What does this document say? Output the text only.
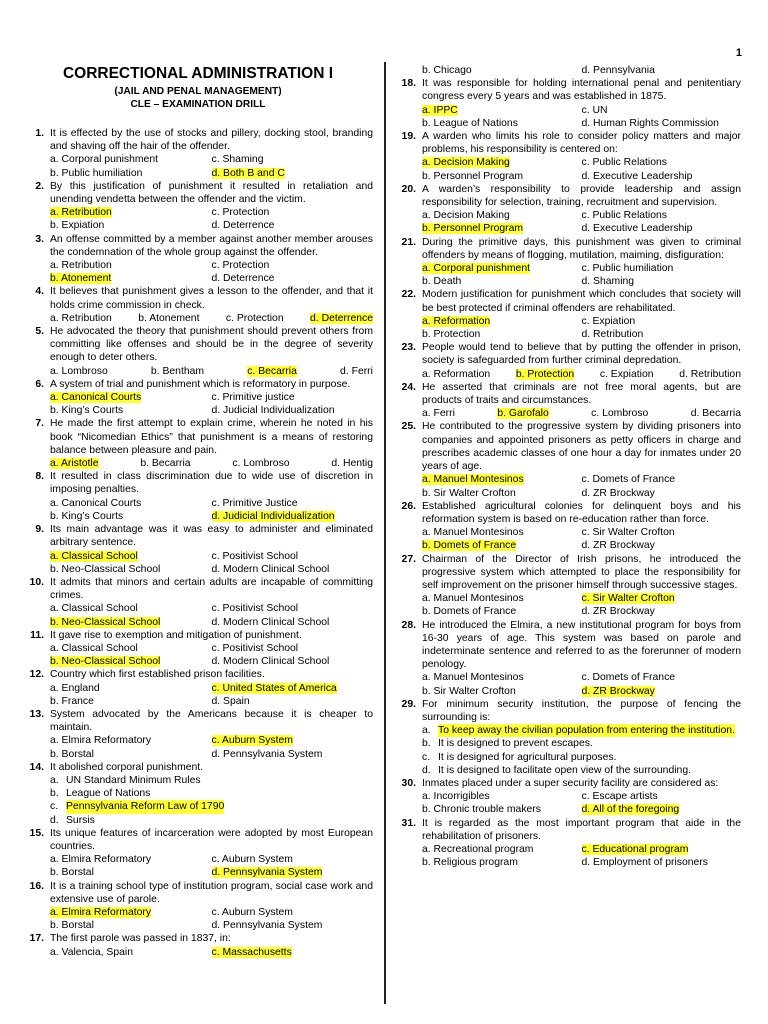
1
CORRECTIONAL ADMINISTRATION I
(JAIL AND PENAL MANAGEMENT)
CLE – EXAMINATION DRILL
1. It is effected by the use of stocks and pillery, docking stool, branding and shaving off the hair of the offender.
a. Corporal punishment	c. Shaming
b. Public humiliation	d. Both B and C
2. By this justification of punishment it resulted in retaliation and unending vendetta between the offender and the victim.
a. Retribution	c. Protection
b. Expiation	d. Deterrence
3. An offense committed by a member against another member arouses the condemnation of the whole group against the offender.
a. Retribution	c. Protection
b. Atonement	d. Deterrence
4. It believes that punishment gives a lesson to the offender, and that it holds crime commission in check.
a. Retribution	b. Atonement	c. Protection	d. Deterrence
5. He advocated the theory that punishment should prevent others from committing like offenses and should be in the degree of severity enough to deter others.
a. Lombroso	b. Bentham	c. Becarria	d. Ferri
6. A system of trial and punishment which is reformatory in purpose.
a. Canonical Courts	c. Primitive justice
b. King’s Courts	d. Judicial Individualization
7. He made the first attempt to explain crime, wherein he noted in his book “Nicomedian Ethics” that punishment is a means of restoring balance between pleasure and pain.
a. Aristotle	b. Becarria	c. Lombroso	d. Hentig
8. It resulted in class discrimination due to wide use of discretion in imposing penalties.
a. Canonical Courts	c. Primitive Justice
b. King’s Courts	d. Judicial Individualization
9. Its main advantage was it was easy to administer and eliminated arbitrary sentence.
a. Classical School	c. Positivist School
b. Neo-Classical School	d. Modern Clinical School
10. It admits that minors and certain adults are incapable of committing crimes.
a. Classical School	c. Positivist School
b. Neo-Classical School	d. Modern Clinical School
11. It gave rise to exemption and mitigation of punishment.
a. Classical School	c. Positivist School
b. Neo-Classical School	d. Modern Clinical School
12. Country which first established prison facilities.
a. England	c. United States of America
b. France	d. Spain
13. System advocated by the Americans because it is cheaper to maintain.
a. Elmira Reformatory	c. Auburn System
b. Borstal	d. Pennsylvania System
14. It abolished corporal punishment.
a. UN Standard Minimum Rules
b. League of Nations
c. Pennsylvania Reform Law of 1790
d. Sursis
15. Its unique features of incarceration were adopted by most European countries.
a. Elmira Reformatory	c. Auburn System
b. Borstal	d. Pennsylvania System
16. It is a training school type of institution program, social case work and extensive use of parole.
a. Elmira Reformatory	c. Auburn System
b. Borstal	d. Pennsylvania System
17. The first parole was passed in 1837, in:
a. Valencia, Spain	c. Massachusetts
b. Chicago	d. Pennsylvania
18. It was responsible for holding international penal and penitentiary congress every 5 years and was established in 1875.
a. IPPC	c. UN
b. League of Nations	d. Human Rights Commission
19. A warden who limits his role to consider policy matters and major problems, his responsibility is centered on:
a. Decision Making	c. Public Relations
b. Personnel Program	d. Executive Leadership
20. A warden’s responsibility to provide leadership and assign responsibility for selection, training, recruitment and supervision.
a. Decision Making	c. Public Relations
b. Personnel Program	d. Executive Leadership
21. During the primitive days, this punishment was given to criminal offenders by means of flogging, mutilation, maiming, disfiguration:
a. Corporal punishment	c. Public humiliation
b. Death	d. Shaming
22. Modern justification for punishment which concludes that society will be best protected if criminal offenders are rehabilitated.
a. Reformation	c. Expiation
b. Protection	d. Retribution
23. People would tend to believe that by putting the offender in prison, society is safeguarded from further criminal depredation.
a. Reformation b. Protection c. Expiation d. Retribution
24. He asserted that criminals are not free moral agents, but are products of traits and circumstances.
a. Ferri	b. Garofalo	c. Lombroso	d. Becarria
25. He contributed to the progressive system by dividing prisoners into companies and appointed prisoners as petty officers in charge and prescribes academic classes of one hour a day for inmates under 20 years of age.
a. Manuel Montesinos	c. Domets of France
b. Sir Walter Crofton	d. ZR Brockway
26. Established agricultural colonies for delinquent boys and his reformation system is based on re-education rather than force.
a. Manuel Montesinos	c. Sir Walter Crofton
b. Domets of France	d. ZR Brockway
27. Chairman of the Director of Irish prisons, he introduced the progressive system which attempted to place the responsibility for self improvement on the prisoner himself through successive stages.
a. Manuel Montesinos	c. Sir Walter Crofton
b. Domets of France	d. ZR Brockway
28. He introduced the Elmira, a new institutional program for boys from 16-30 years of age. This system was based on parole and indeterminate sentence and referred to as the forerunner of modern penology.
a. Manuel Montesinos	c. Domets of France
b. Sir Walter Crofton	d. ZR Brockway
29. For minimum security institution, the purpose of fencing the surrounding is:
a. To keep away the civilian population from entering the institution.
b. It is designed to prevent escapes.
c. It is designed for agricultural purposes.
d. It is designed to facilitate open view of the surrounding.
30. Inmates placed under a super security facility are considered as:
a. Incorrigibles	c. Escape artists
b. Chronic trouble makers	d. All of the foregoing
31. It is regarded as the most important program that aide in the rehabilitation of prisoners.
a. Recreational program	c. Educational program
b. Religious program	d. Employment of prisoners
